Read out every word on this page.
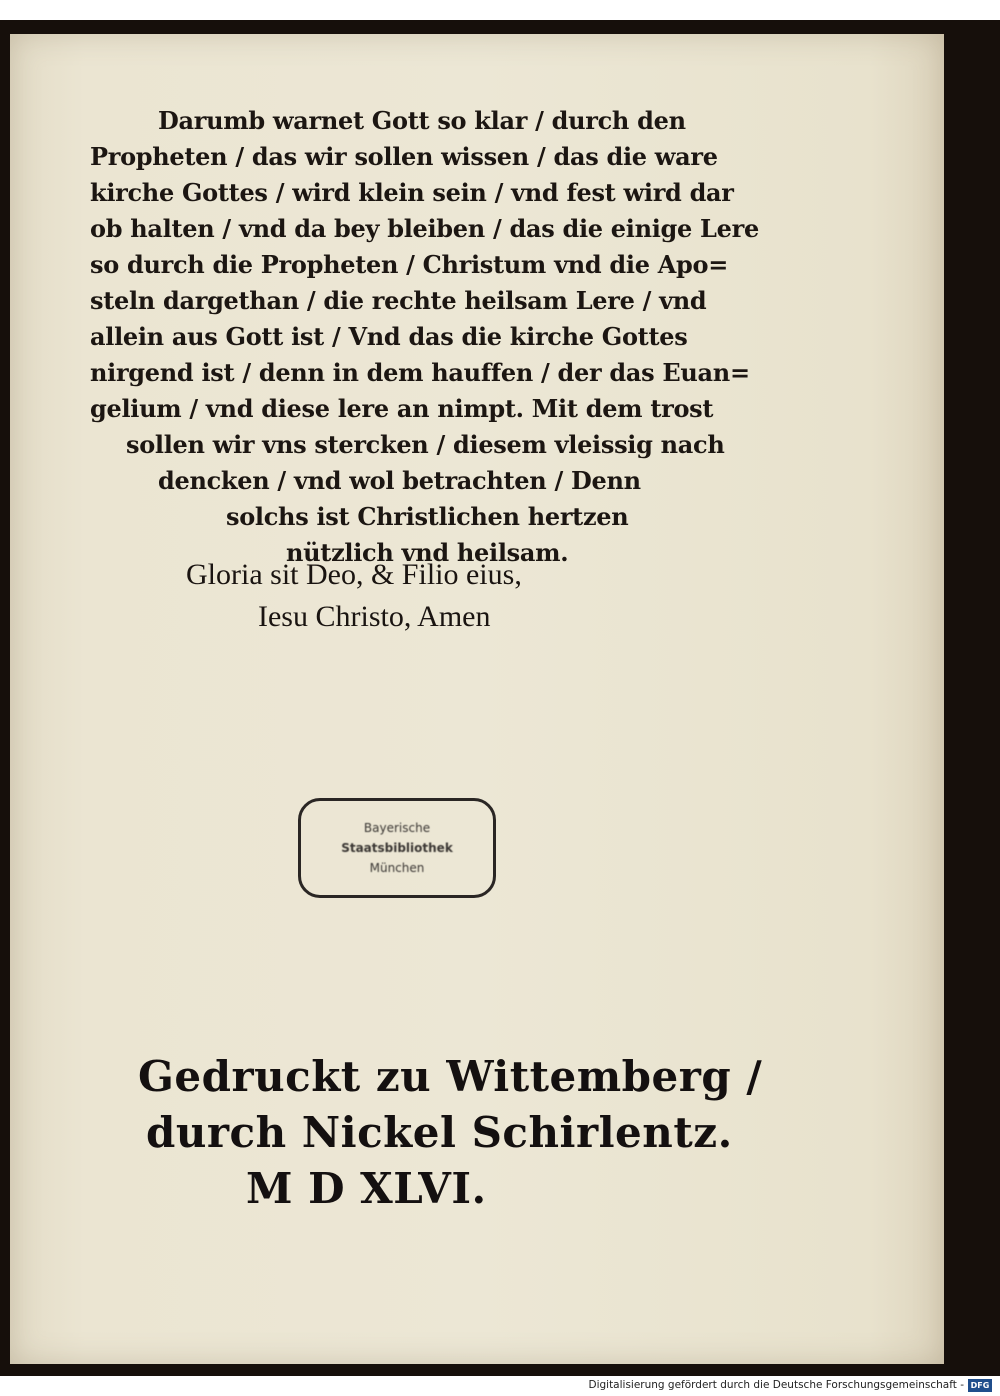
Darumb warnet Gott so klar / durch den
Propheten / das wir sollen wissen / das die ware
kirche Gottes / wird klein sein / vnd fest wird dar
ob halten / vnd da bey bleiben / das die einige Lere
so durch die Propheten / Christum vnd die Apo=
steln dargethan / die rechte heilsam Lere / vnd
allein aus Gott ist / Vnd das die kirche Gottes
nirgend ist / denn in dem hauffen / der das Euan=
gelium / vnd diese lere an nimpt. Mit dem trost
sollen wir vns stercken / diesem vleissig nach
dencken / vnd wol betrachten / Denn
solchs ist Christlichen hertzen
nützlich vnd heilsam.
Gloria sit Deo, & Filio eius,
Iesu Christo, Amen
Gedruckt zu Wittemberg /
durch Nickel Schirlentz.
M D XLVI.
Bayerische
Staatsbibliothek
München
Digitalisierung gefördert durch die Deutsche Forschungsgemeinschaft - DFG
